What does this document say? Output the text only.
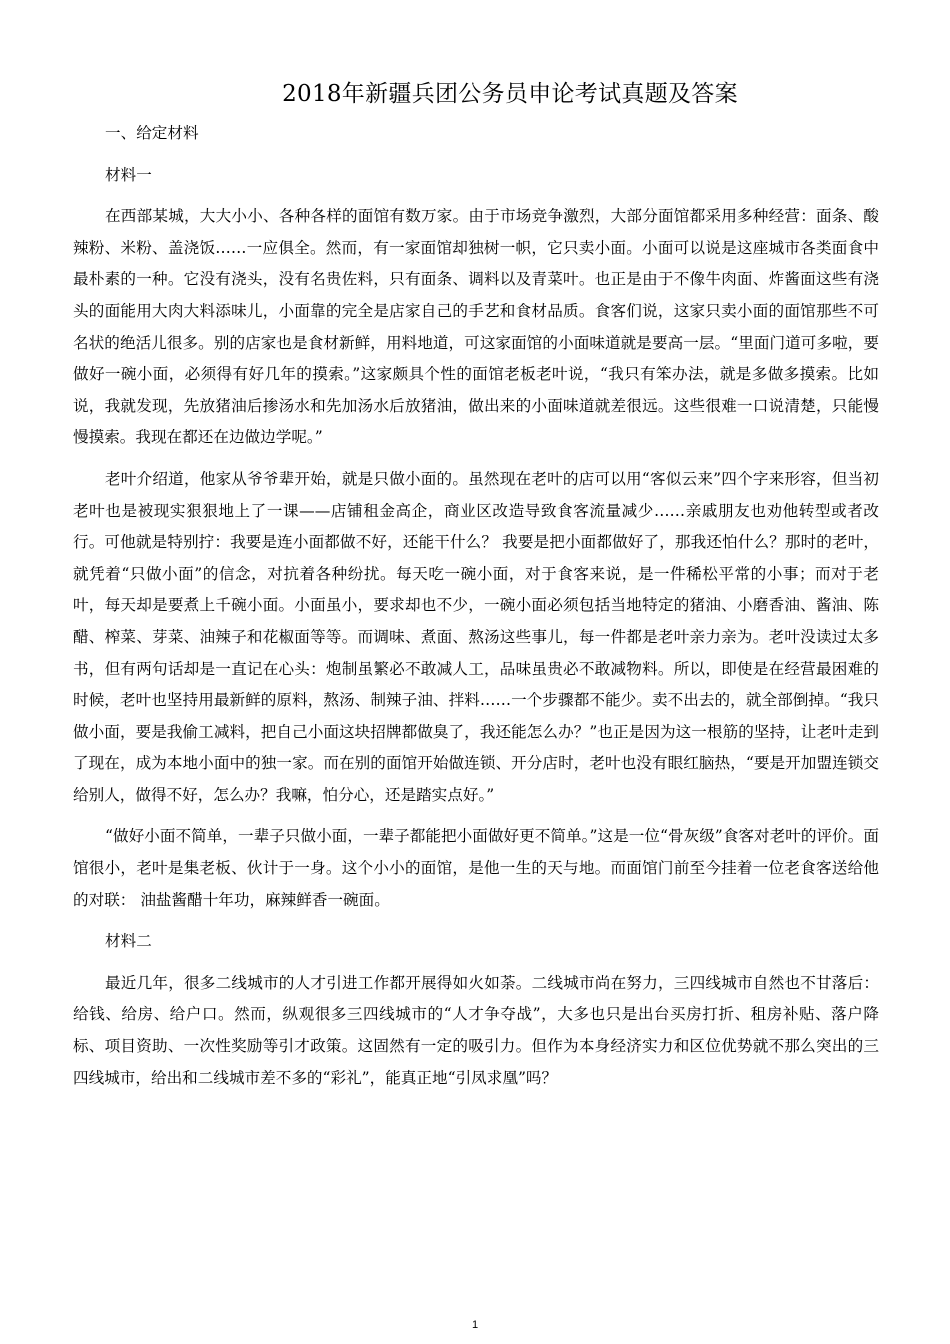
2018年新疆兵团公务员申论考试真题及答案

一、给定材料

材料一

在西部某城，大大小小、各种各样的面馆有数万家。由于市场竞争激烈，大部分面馆都采用多种经营：面条、酸辣粉、米粉、盖浇饭……一应俱全。然而，有一家面馆却独树一帜，它只卖小面。小面可以说是这座城市各类面食中最朴素的一种。它没有浇头，没有名贵佐料，只有面条、调料以及青菜叶。也正是由于不像牛肉面、炸酱面这些有浇头的面能用大肉大料添味儿，小面靠的完全是店家自己的手艺和食材品质。食客们说，这家只卖小面的面馆那些不可名状的绝活儿很多。别的店家也是食材新鲜，用料地道，可这家面馆的小面味道就是要高一层。“里面门道可多啦，要做好一碗小面，必须得有好几年的摸索。”这家颇具个性的面馆老板老叶说，“我只有笨办法，就是多做多摸索。比如说，我就发现，先放猪油后掺汤水和先加汤水后放猪油，做出来的小面味道就差很远。这些很难一口说清楚，只能慢慢摸索。我现在都还在边做边学呢。”

老叶介绍道，他家从爷爷辈开始，就是只做小面的。虽然现在老叶的店可以用“客似云来”四个字来形容，但当初老叶也是被现实狠狠地上了一课——店铺租金高企，商业区改造导致食客流量减少……亲戚朋友也劝他转型或者改行。可他就是特别拧：我要是连小面都做不好，还能干什么？ 我要是把小面都做好了，那我还怕什么？那时的老叶，就凭着“只做小面”的信念，对抗着各种纷扰。每天吃一碗小面，对于食客来说，是一件稀松平常的小事；而对于老叶，每天却是要煮上千碗小面。小面虽小，要求却也不少，一碗小面必须包括当地特定的猪油、小磨香油、酱油、陈醋、榨菜、芽菜、油辣子和花椒面等等。而调味、煮面、熬汤这些事儿，每一件都是老叶亲力亲为。老叶没读过太多书，但有两句话却是一直记在心头：炮制虽繁必不敢减人工，品味虽贵必不敢减物料。所以，即使是在经营最困难的时候，老叶也坚持用最新鲜的原料，熬汤、制辣子油、拌料……一个步骤都不能少。卖不出去的，就全部倒掉。“我只做小面，要是我偷工减料，把自己小面这块招牌都做臭了，我还能怎么办？”也正是因为这一根筋的坚持，让老叶走到了现在，成为本地小面中的独一家。而在别的面馆开始做连锁、开分店时，老叶也没有眼红脑热，“要是开加盟连锁交给别人，做得不好，怎么办？我嘛，怕分心，还是踏实点好。”

“做好小面不简单，一辈子只做小面，一辈子都能把小面做好更不简单。”这是一位“骨灰级”食客对老叶的评价。面馆很小，老叶是集老板、伙计于一身。这个小小的面馆，是他一生的天与地。而面馆门前至今挂着一位老食客送给他的对联： 油盐酱醋十年功，麻辣鲜香一碗面。

材料二

最近几年，很多二线城市的人才引进工作都开展得如火如荼。二线城市尚在努力，三四线城市自然也不甘落后：给钱、给房、给户口。然而，纵观很多三四线城市的“人才争夺战”，大多也只是出台买房打折、租房补贴、落户降标、项目资助、一次性奖励等引才政策。这固然有一定的吸引力。但作为本身经济实力和区位优势就不那么突出的三四线城市，给出和二线城市差不多的“彩礼”，能真正地“引凤求凰”吗？

1
